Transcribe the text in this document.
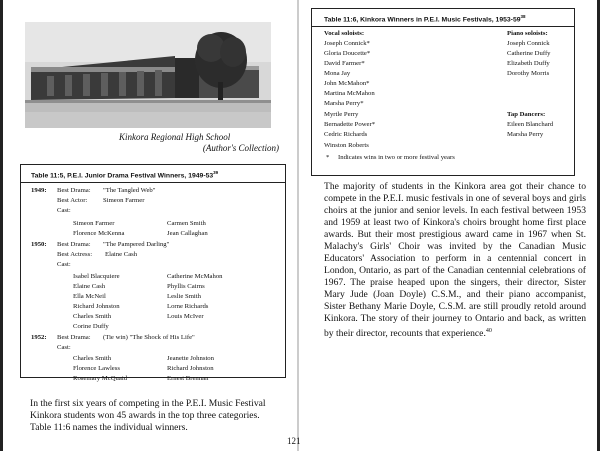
Kinkora Regional High School
(Author's Collection)
Table 11:5, P.E.I. Junior Drama Festival Winners, $1949-53^{39}$
1949: Best Drama: "The Tangled Web"
Best Actor: Simeon Farmer
Cast:
Simeon Farmer	Carmen Smith
Florence McKenna	Jean Callaghan
1950: Best Drama: "The Pampered Darling"
Best Actress: Elaine Cash
Cast:
Isabel Blacquiere	Catherine McMahon
Elaine Cash	Phyllis Cairns
Ella McNeil	Leslie Smith
Richard Johnston	Lorne Richards
Charles Smith	Louis McIver
Corine Duffy
1952: Best Drama: (Tie win) "The Shock of His Life"
Cast:
Charles Smith	Jeanette Johnston
Florence Lawless	Richard Johnston
Rosemary McQuaid	Ernest Brennan
Table 11:6, Kinkora Winners in P.E.I. Music Festivals, $1953-59^{38}$
Vocal soloists:
Joseph Connick*
Gloria Doucette*
David Farmer*
Mona Jay
John McMahon*
Martina McMahon
Marsha Perry*
Myrtle Perry
Bernadette Power*
Cedric Richards
Winston Roberts
Piano soloists:
Joseph Connick
Catherine Duffy
Elizabeth Duffy
Dorothy Morris
Tap Dancers:
Eileen Blanchard
Marsha Perry
* Indicates wins in two or more festival years

In the first six years of competing in the P.E.I. Music Festival Kinkora students won 45 awards in the top three categories. Table 11:6 names the individual winners.

The majority of students in the Kinkora area got their chance to compete in the P.E.I. music festivals in one of several boys and girls choirs at the junior and senior levels. In each festival between 1953 and 1959 at least two of Kinkora's choirs brought home first place awards. But their most prestigious award came in 1967 when St. Malachy's Girls' Choir was invited by the Canadian Music Educators' Association to perform in a centennial concert in London, Ontario, as part of the Canadian centennial celebrations of 1967. The praise heaped upon the singers, their director, Sister Mary Jude (Joan Doyle) C.S.M., and their piano accompanist, Sister Bethany Marie Doyle, C.S.M. are still proudly retold around Kinkora. The story of their journey to Ontario and back, as written by their director, recounts that experience.$^{40}$

121
